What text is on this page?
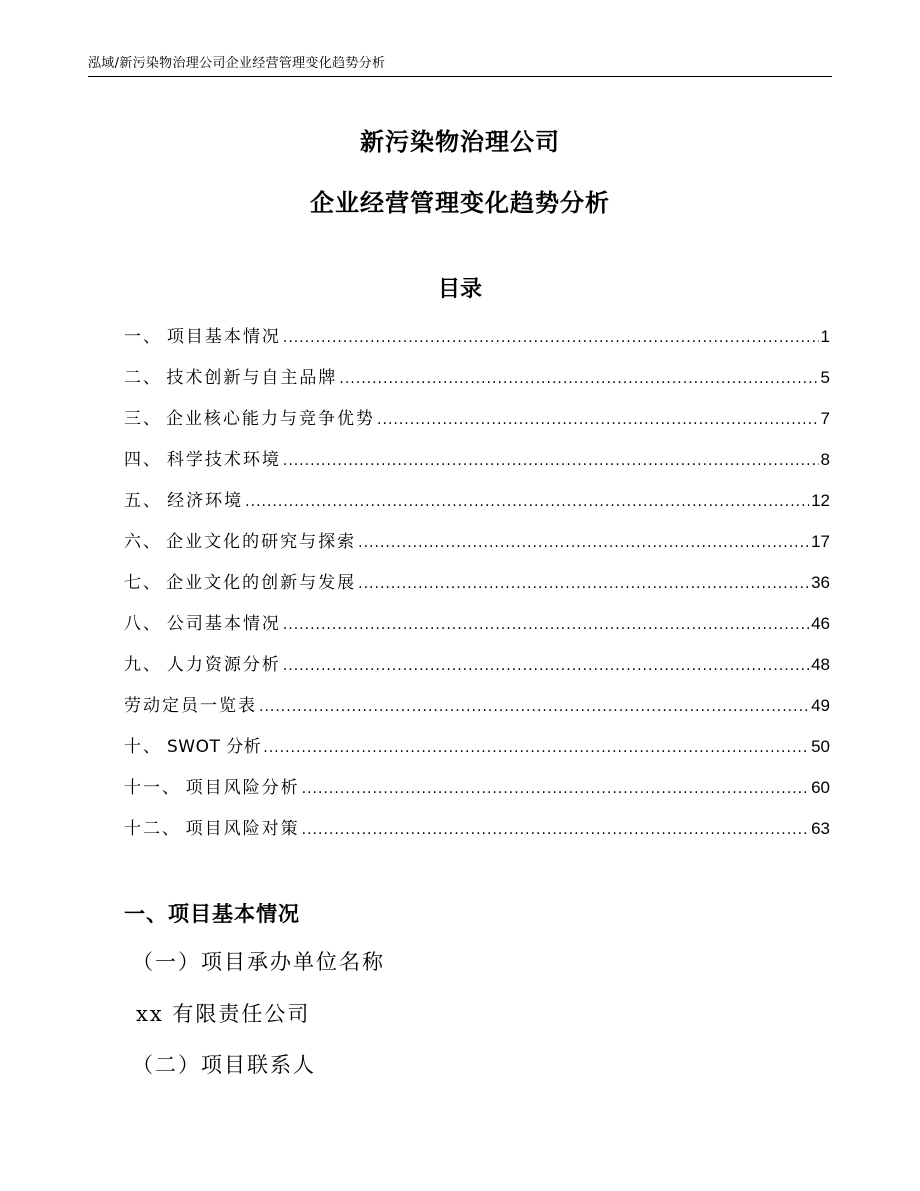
泓域/新污染物治理公司企业经营管理变化趋势分析
新污染物治理公司
企业经营管理变化趋势分析
目录
一、 项目基本情况 .....	1
二、 技术创新与自主品牌 .....	5
三、 企业核心能力与竞争优势 .....	7
四、 科学技术环境 .....	8
五、 经济环境 .....	12
六、 企业文化的研究与探索 .....	17
七、 企业文化的创新与发展 .....	36
八、 公司基本情况 .....	46
九、 人力资源分析 .....	48
劳动定员一览表 .....	49
十、 SWOT 分析 .....	50
十一、 项目风险分析 .....	60
十二、 项目风险对策 .....	63
一、项目基本情况
（一）项目承办单位名称
xx 有限责任公司
（二）项目联系人
